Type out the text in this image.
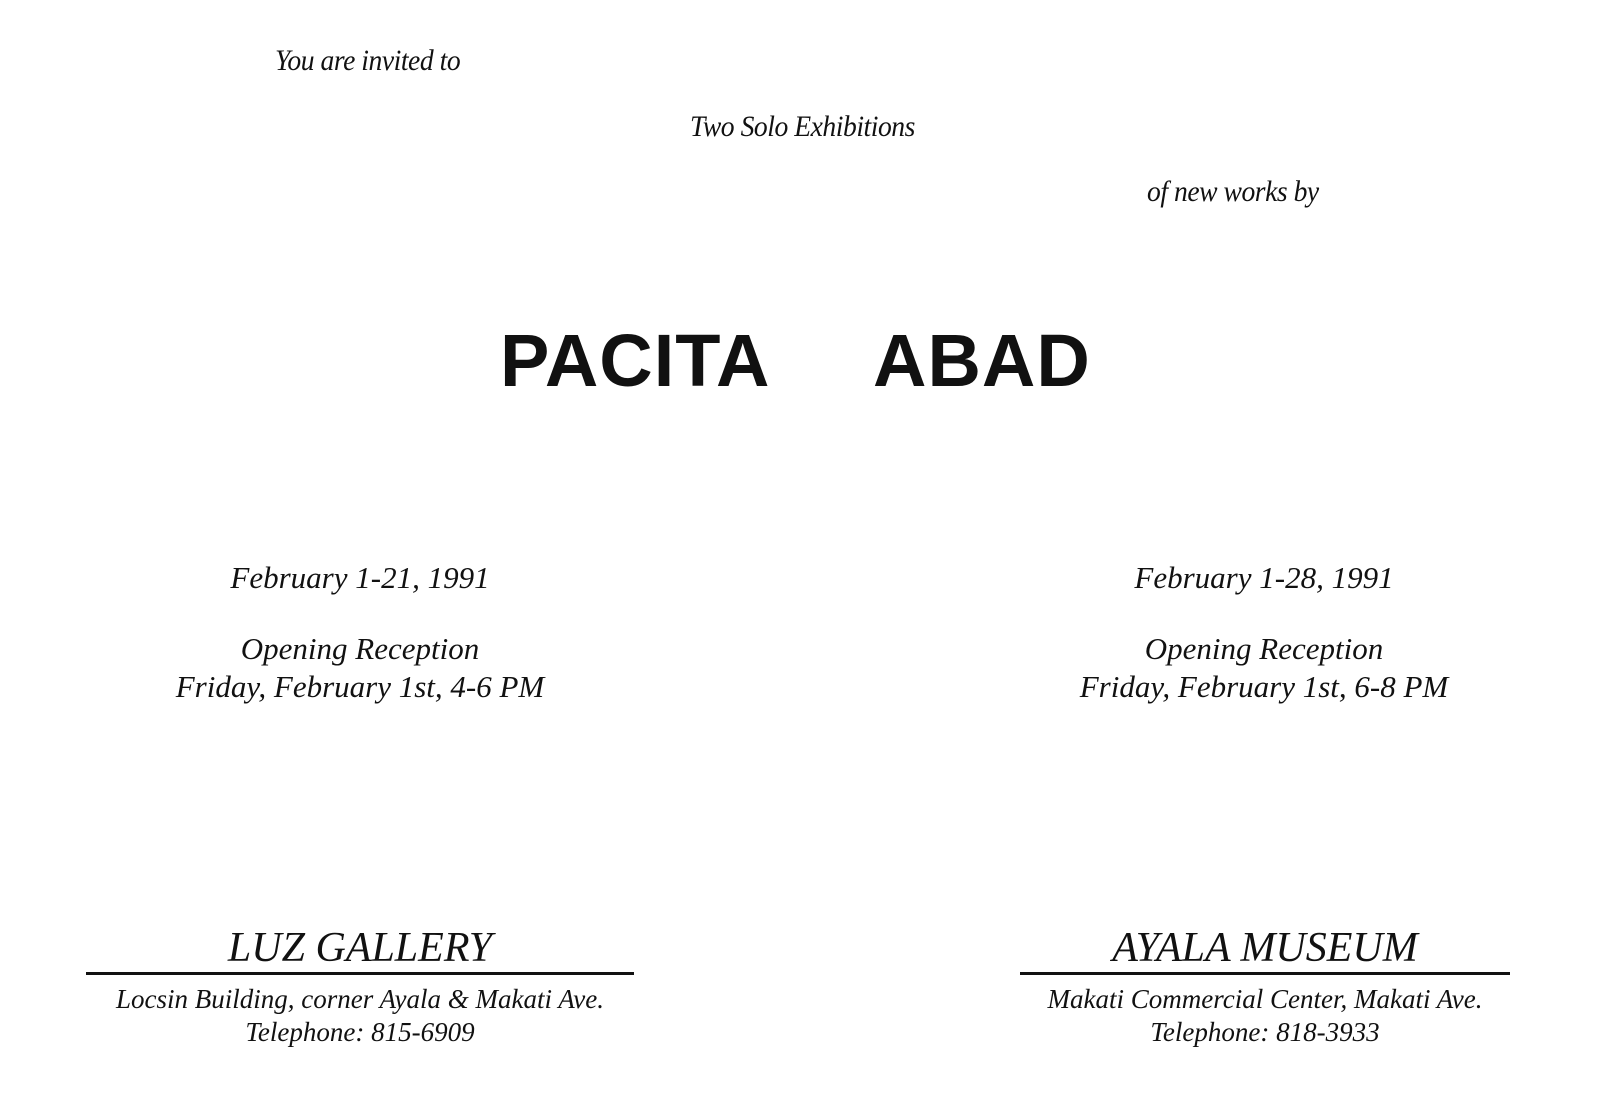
You are invited to
Two Solo Exhibitions
of new works by
PACITA ABAD
February 1-21, 1991
Opening Reception
Friday, February 1st, 4-6 PM
LUZ GALLERY
Locsin Building, corner Ayala & Makati Ave.
Telephone: 815-6909
February 1-28, 1991
Opening Reception
Friday, February 1st, 6-8 PM
AYALA MUSEUM
Makati Commercial Center, Makati Ave.
Telephone: 818-3933
